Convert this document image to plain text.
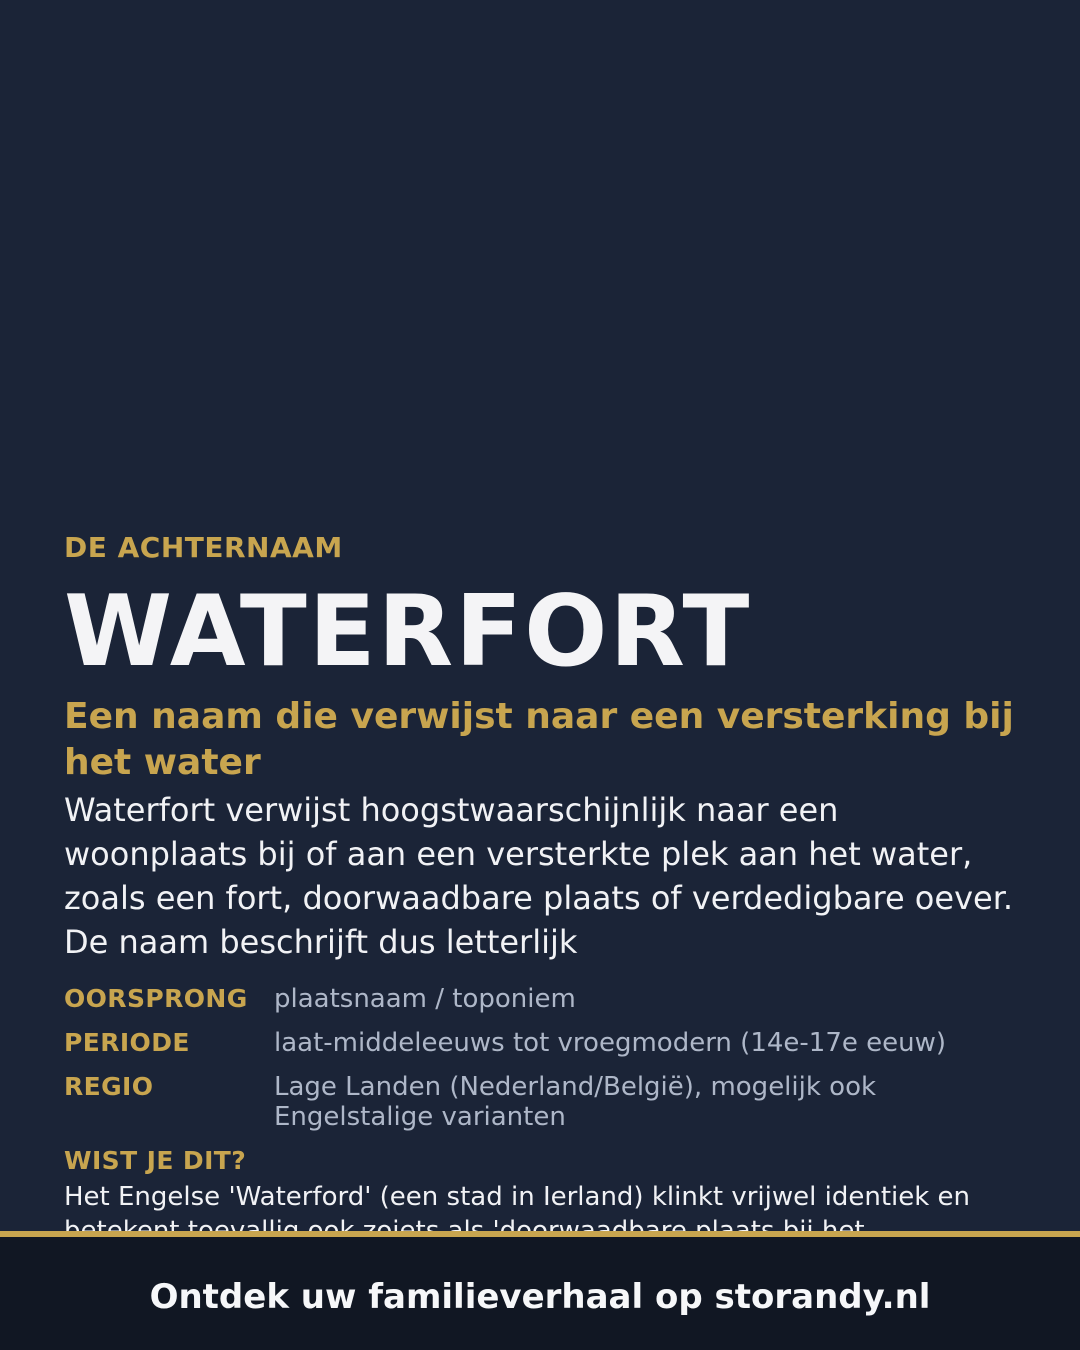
DE ACHTERNAAM

WATERFORT
Een naam die verwijst naar een versterking bij het water

Waterfort verwijst hoogstwaarschijnlijk naar een woonplaats bij of aan een versterkte plek aan het water, zoals een fort, doorwaadbare plaats of verdedigbare oever. De naam beschrijft dus letterlijk

OORSPRONG	plaatsnaam / toponiem
PERIODE	laat-middeleeuws tot vroegmodern (14e-17e eeuw)
REGIO	Lage Landen (Nederland/België), mogelijk ook Engelstalige varianten
WIST JE DIT?

Het Engelse 'Waterford' (een stad in Ierland) klinkt vrijwel identiek en

Ontdek uw familieverhaal op storandy.nl
